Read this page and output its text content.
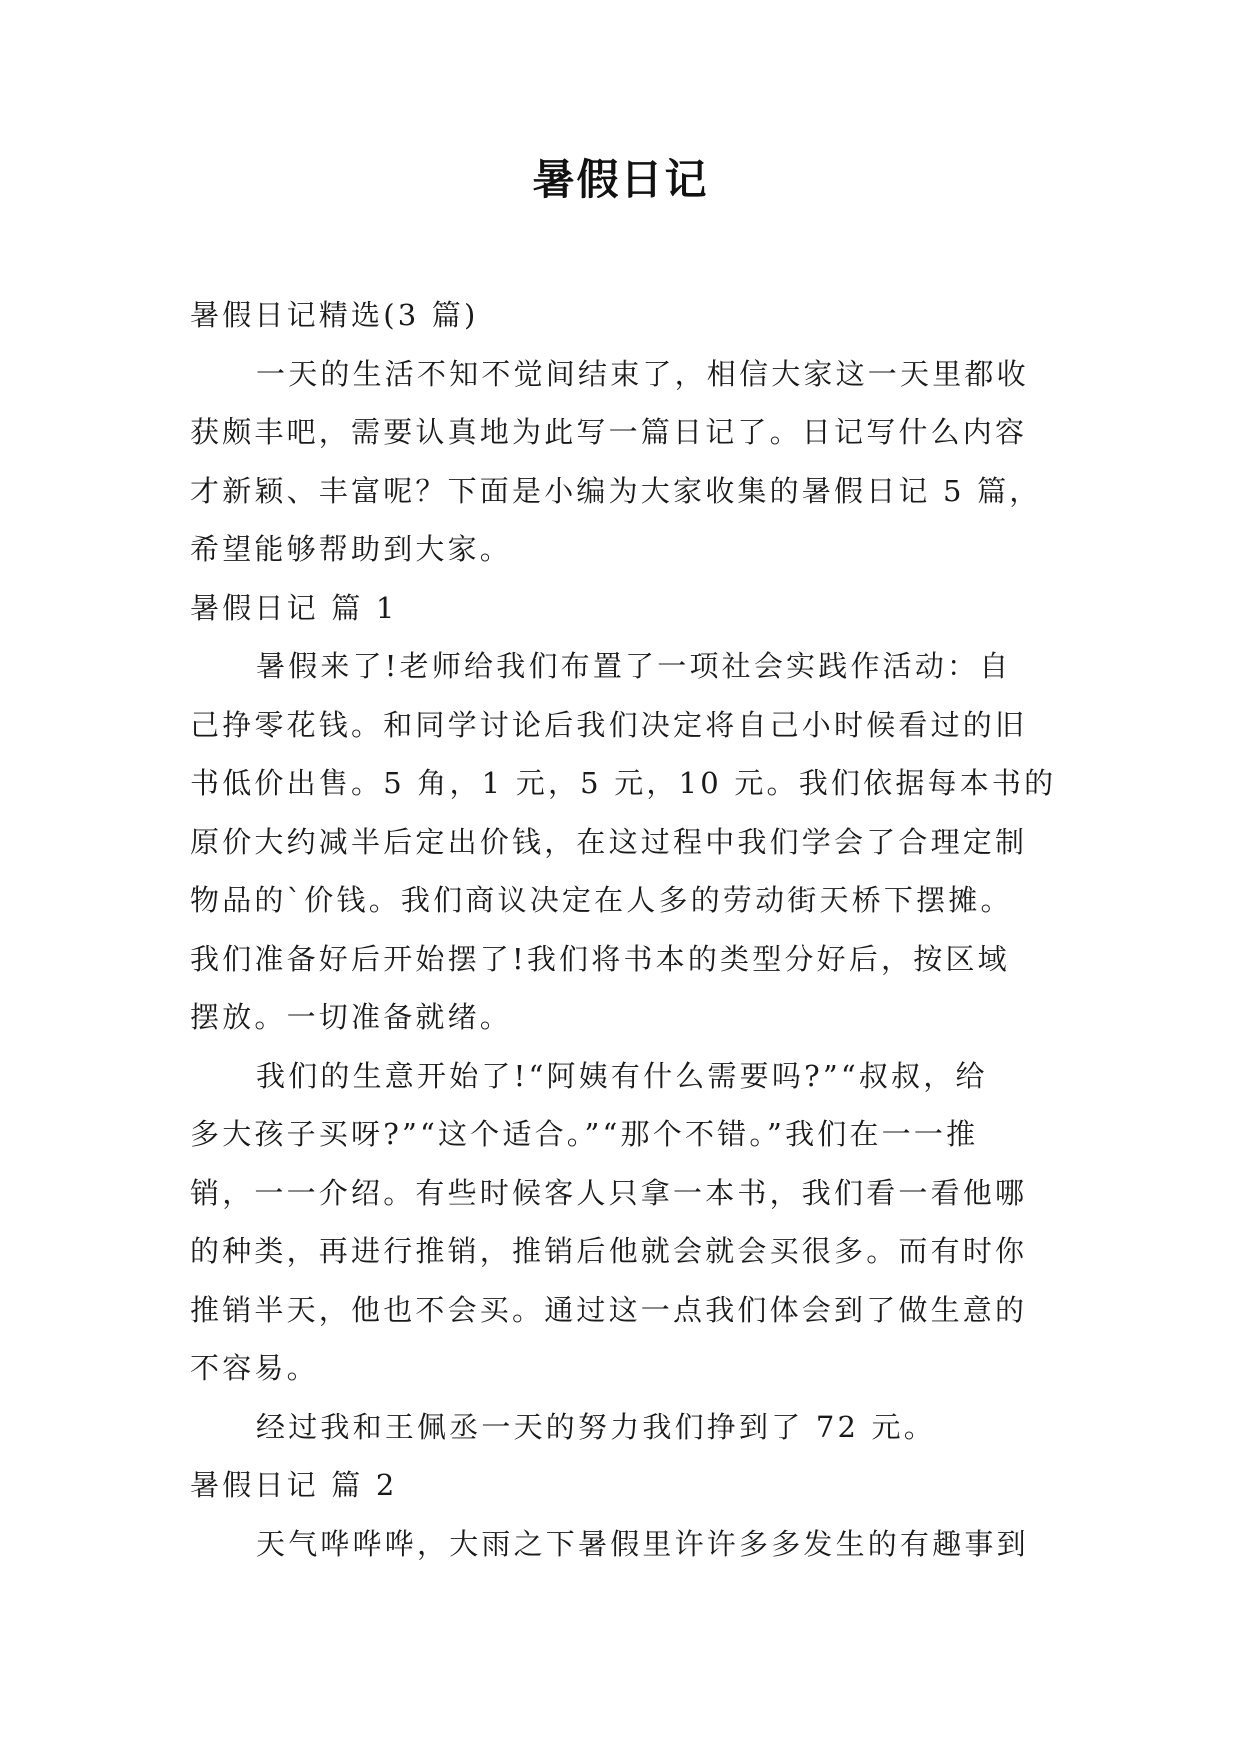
暑假日记
暑假日记精选(3 篇)
一天的生活不知不觉间结束了，相信大家这一天里都收
获颇丰吧，需要认真地为此写一篇日记了。日记写什么内容
才新颖、丰富呢？下面是小编为大家收集的暑假日记 5 篇，
希望能够帮助到大家。
暑假日记 篇 1
暑假来了!老师给我们布置了一项社会实践作活动：自
己挣零花钱。和同学讨论后我们决定将自己小时候看过的旧
书低价出售。5 角，1 元，5 元，10 元。我们依据每本书的
原价大约减半后定出价钱，在这过程中我们学会了合理定制
物品的`价钱。我们商议决定在人多的劳动街天桥下摆摊。
我们准备好后开始摆了!我们将书本的类型分好后，按区域
摆放。一切准备就绪。
我们的生意开始了!“阿姨有什么需要吗?”“叔叔，给
多大孩子买呀?”“这个适合。”“那个不错。”我们在一一推
销，一一介绍。有些时候客人只拿一本书，我们看一看他哪
的种类，再进行推销，推销后他就会就会买很多。而有时你
推销半天，他也不会买。通过这一点我们体会到了做生意的
不容易。
经过我和王佩丞一天的努力我们挣到了 72 元。
暑假日记 篇 2
天气哗哗哗，大雨之下暑假里许许多多发生的有趣事到
